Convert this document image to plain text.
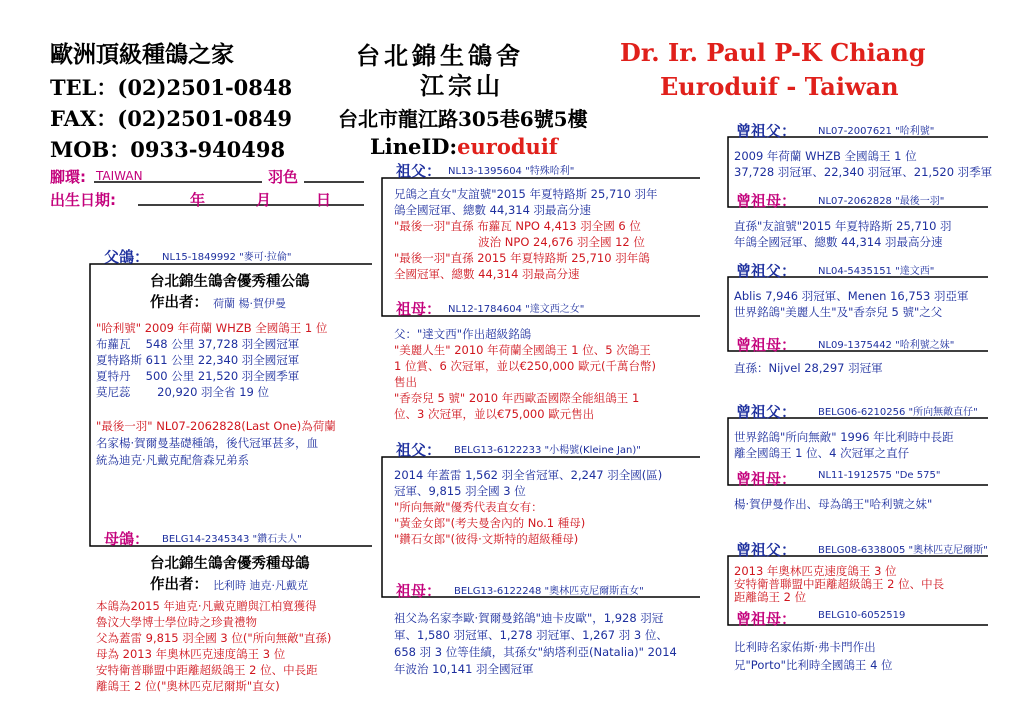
歐洲頂級種鴿之家	台北錦生鴿舍	Dr. Ir. Paul P-K Chiang
TEL：(02)2501-0848	江宗山	Euroduif - Taiwan
FAX：(02)2501-0849 台北市龍江路305巷6號5樓
MOB：0933-940498	LineID:euroduif
腳環: TAIWAN	羽色
出生日期:	年	月	日
父鴿： NL15-1849992 "麥可·拉倫"
台北錦生鴿舍優秀種公鴿
作出者： 荷蘭 楊·賀伊曼
"哈利號" 2009 年荷蘭 WHZB 全國鴿王 1 位
布蘿瓦　 548 公里 37,728 羽全國冠軍
夏特路斯 611 公里 22,340 羽全國冠軍
夏特丹　 500 公里 21,520 羽全國季軍
莫尼蕊　　 20,920 羽全省 19 位
"最後一羽" NL07-2062828(Last One)為荷蘭
名家楊·賀爾曼基礎種鴿，後代冠軍甚多，血
統為迪克·凡戴克配詹森兄弟系
母鴿： BELG14-2345343 "鑽石夫人"
台北錦生鴿舍優秀種母鴿
作出者： 比利時 迪克·凡戴克
本鴿為2015 年迪克·凡戴克贈與江柏寬獲得
魯汶大學博士學位時之珍貴禮物
父為蓋雷 9,815 羽全國 3 位("所向無敵"直孫)
母為 2013 年奧林匹克速度鴿王 3 位
安特衛普聯盟中距離超級鴿王 2 位、中長距
離鴿王 2 位("奧林匹克尼爾斯"直女)
祖父： NL13-1395604 "特殊哈利"
兄鴿之直女"友誼號"2015 年夏特路斯 25,710 羽年
鴿全國冠軍、總數 44,314 羽最高分速
"最後一羽"直孫 布蘿瓦 NPO 4,413 羽全國 6 位
　　　　　　　 波治 NPO 24,676 羽全國 12 位
"最後一羽"直孫 2015 年夏特路斯 25,710 羽年鴿
全國冠軍、總數 44,314 羽最高分速
祖母： NL12-1784604 "達文西之女"
父："達文西"作出超級銘鴿
"美麗人生" 2010 年荷蘭全國鴿王 1 位、5 次鴿王
1 位賞、6 次冠軍，並以€250,000 歐元(千萬台幣)
售出
"香奈兒 5 號" 2010 年西歐盃國際全能組鴿王 1
位、3 次冠軍，並以€75,000 歐元售出
祖父： BELG13-6122233 "小楊號(Kleine Jan)"
2014 年蓋雷 1,562 羽全省冠軍、2,247 羽全國(區)
冠軍、9,815 羽全國 3 位
"所向無敵"優秀代表直女有：
"黃金女郎"(考夫曼舍內的 No.1 種母)
"鑽石女郎"(彼得·文斯特的超級種母)
祖母： BELG13-6122248 "奧林匹克尼爾斯直女"
祖父為名家李歐·賀爾曼銘鴿"迪卡皮歐"，1,928 羽冠
軍、1,580 羽冠軍、1,278 羽冠軍、1,267 羽 3 位、
658 羽 3 位等佳績，其孫女"納塔利亞(Natalia)" 2014
年波治 10,141 羽全國冠軍
曾祖父： NL07-2007621 "哈利號"
2009 年荷蘭 WHZB 全國鴿王 1 位
37,728 羽冠軍、22,340 羽冠軍、21,520 羽季軍
曾祖母： NL07-2062828 "最後一羽"
直孫"友誼號"2015 年夏特路斯 25,710 羽
年鴿全國冠軍、總數 44,314 羽最高分速
曾祖父： NL04-5435151 "達文西"
Ablis 7,946 羽冠軍、Menen 16,753 羽亞軍
世界銘鴿"美麗人生"及"香奈兒 5 號"之父
曾祖母： NL09-1375442 "哈利號之妹"
直孫：Nijvel 28,297 羽冠軍
曾祖父： BELG06-6210256 "所向無敵直仔"
世界銘鴿"所向無敵" 1996 年比利時中長距
離全國鴿王 1 位、4 次冠軍之直仔
曾祖母： NL11-1912575 "De 575"
楊·賀伊曼作出、母為鴿王"哈利號之妹"
曾祖父： BELG08-6338005 "奧林匹克尼爾斯"
2013 年奧林匹克速度鴿王 3 位
安特衛普聯盟中距離超級鴿王 2 位、中長
距離鴿王 2 位
曾祖母： BELG10-6052519
比利時名家佑斯·弗卡門作出
兄"Porto"比利時全國鴿王 4 位
